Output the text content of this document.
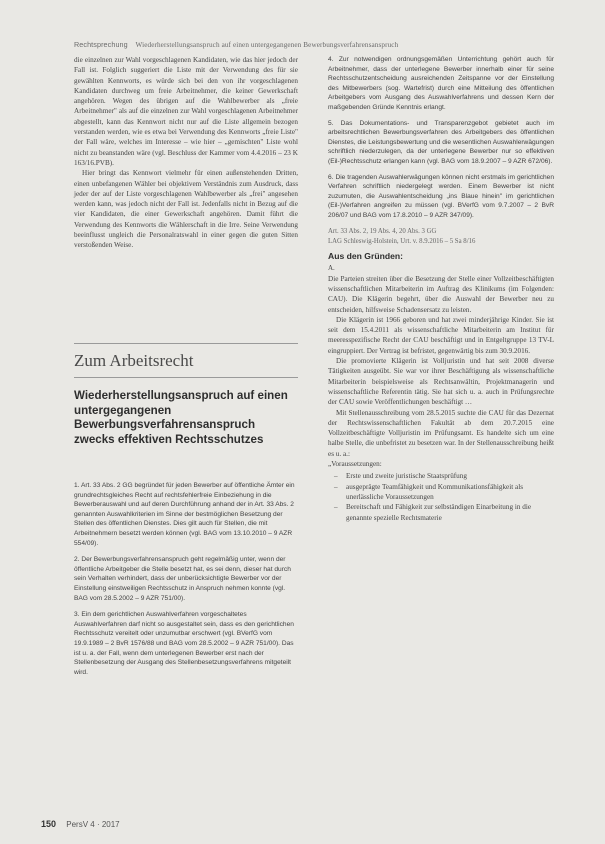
Rechtsprechung Wiederherstellungsanspruch auf einen untergegangenen Bewerbungsverfahrensanspruch

die einzelnen zur Wahl vorgeschlagenen Kandidaten, wie das hier jedoch der Fall ist. Folglich suggeriert die Liste mit der Verwendung des für sie gewählten Kennworts, es würde sich bei den von ihr vorgeschlagenen Kandidaten durchweg um freie Arbeitnehmer, die keiner Gewerkschaft angehören. Wegen des übrigen auf die Wahlbewerber als „freie Arbeitnehmer" als auf die einzelnen zur Wahl vorgeschlagenen Arbeitnehmer abgestellt, kann das Kennwort nicht nur auf die Liste allgemein bezogen verstanden werden, wie es etwa bei Verwendung des Kennworts „freie Liste" der Fall wäre, welches im Interesse – wie hier – „gemischten" Liste wohl nicht zu beanstanden wäre (vgl. Beschluss der Kammer vom 4.4.2016 – 23 K 163/16.PVB).

Hier bringt das Kennwort vielmehr für einen außenstehenden Dritten, einen unbefangenen Wähler bei objektivem Verständnis zum Ausdruck, dass jeder der auf der Liste vorgeschlagenen Wahlbewerber als „frei" angesehen werden kann, was jedoch nicht der Fall ist. Jedenfalls nicht in Bezug auf die vier Kandidaten, die einer Gewerkschaft angehören. Damit führt die Verwendung des Kennworts die Wählerschaft in die Irre. Seine Verwendung beeinflusst ungleich die Personalratswahl in einer gegen die guten Sitten verstoßenden Weise.

Zum Arbeitsrecht
Wiederherstellungsanspruch auf einen untergegangenen Bewerbungsverfahrensanspruch zwecks effektiven Rechtsschutzes

1. Art. 33 Abs. 2 GG begründet für jeden Bewerber auf öffentliche Ämter ein grundrechtsgleiches Recht auf rechtsfehlerfreie Einbeziehung in die Bewerberauswahl und auf deren Durchführung anhand der in Art. 33 Abs. 2 genannten Auswahlkriterien im Sinne der bestmöglichen Besetzung der Stellen des öffentlichen Dienstes. Dies gilt auch für Stellen, die mit Arbeitnehmern besetzt werden können (vgl. BAG vom 13.10.2010 – 9 AZR 554/09).

2. Der Bewerbungsverfahrensanspruch geht regelmäßig unter, wenn der öffentliche Arbeitgeber die Stelle besetzt hat, es sei denn, dieser hat durch sein Verhalten verhindert, dass der unberücksichtigte Bewerber vor der Einstellung einstweiligen Rechtsschutz in Anspruch nehmen konnte (vgl. BAG vom 28.5.2002 – 9 AZR 751/00).

3. Ein dem gerichtlichen Auswahlverfahren vorgeschaltetes Auswahlverfahren darf nicht so ausgestaltet sein, dass es den gerichtlichen Rechtsschutz vereitelt oder unzumutbar erschwert (vgl. BVerfG vom 19.9.1989 – 2 BvR 1576/88 und BAG vom 28.5.2002 – 9 AZR 751/00). Das ist u. a. der Fall, wenn dem unterlegenen Bewerber erst nach der Stellenbesetzung der Ausgang des Stellenbesetzungsverfahrens mitgeteilt wird.

4. Zur notwendigen ordnungsgemäßen Unterrichtung gehört auch für Arbeitnehmer, dass der unterlegene Bewerber innerhalb einer für seine Rechtsschutzentscheidung ausreichenden Zeitspanne vor der Einstellung des Mitbewerbers (sog. Wartefrist) durch eine Mitteilung des öffentlichen Arbeitgebers vom Ausgang des Auswahlverfahrens und dessen Kern der maßgebenden Gründe Kenntnis erlangt.

5. Das Dokumentations- und Transparenzgebot gebietet auch im arbeitsrechtlichen Bewerbungsverfahren des Arbeitgebers des öffentlichen Dienstes, die Leistungsbewertung und die wesentlichen Auswahlerwägungen schriftlich niederzulegen, da der unterlegene Bewerber nur so effektiven (Eil-)Rechtsschutz erlangen kann (vgl. BAG vom 18.9.2007 – 9 AZR 672/06).

6. Die tragenden Auswahlerwägungen können nicht erstmals im gerichtlichen Verfahren schriftlich niedergelegt werden. Einem Bewerber ist nicht zuzumuten, die Auswahlentscheidung „ins Blaue hinein" im gerichtlichen (Eil-)Verfahren angreifen zu müssen (vgl. BVerfG vom 9.7.2007 – 2 BvR 206/07 und BAG vom 17.8.2010 – 9 AZR 347/09).

Art. 33 Abs. 2, 19 Abs. 4, 20 Abs. 3 GG

LAG Schleswig-Holstein, Urt. v. 8.9.2016 – 5 Sa 8/16

Aus den Gründen:

A.

Die Parteien streiten über die Besetzung der Stelle einer Vollzeitbeschäftigten wissenschaftlichen Mitarbeiterin im Auftrag des Klinikums (im Folgenden: CAU). Die Klägerin begehrt, über die Auswahl der Bewerber neu zu entscheiden, hilfsweise Schadensersatz zu leisten.

Die Klägerin ist 1966 geboren und hat zwei minderjährige Kinder. Sie ist seit dem 15.4.2011 als wissenschaftliche Mitarbeiterin am Institut für meeresspezifische Recht der CAU beschäftigt und in Entgeltgruppe 13 TV-L eingruppiert. Der Vertrag ist befristet, gegenwärtig bis zum 30.9.2016.

Die promovierte Klägerin ist Volljuristin und hat seit 2008 diverse Tätigkeiten ausgeübt. Sie war vor ihrer Beschäftigung als wissenschaftliche Mitarbeiterin beispielsweise als Rechtsanwältin, Projektmanagerin und wissenschaftliche Referentin tätig. Sie hat sich u. a. auch in Prüfungsrechte der CAU sowie Veröffentlichungen beschäftigt …

Mit Stellenausschreibung vom 28.5.2015 suchte die CAU für das Dezernat der Rechtswissenschaftlichen Fakultät ab dem 20.7.2015 eine Vollzeitbeschäftigte Volljuristin im Prüfungsamt. Es handelte sich um eine halbe Stelle, die unbefristet zu besetzen war. In der Stellenausschreibung heißt es u. a.:

„Voraussetzungen:

– Erste und zweite juristische Staatsprüfung
– ausgeprägte Teamfähigkeit und Kommunikationsfähigkeit als unerlässliche Voraussetzungen
– Bereitschaft und Fähigkeit zur selbständigen Einarbeitung in die genannte spezielle Rechtsmaterie
150 PersV 4 · 2017
